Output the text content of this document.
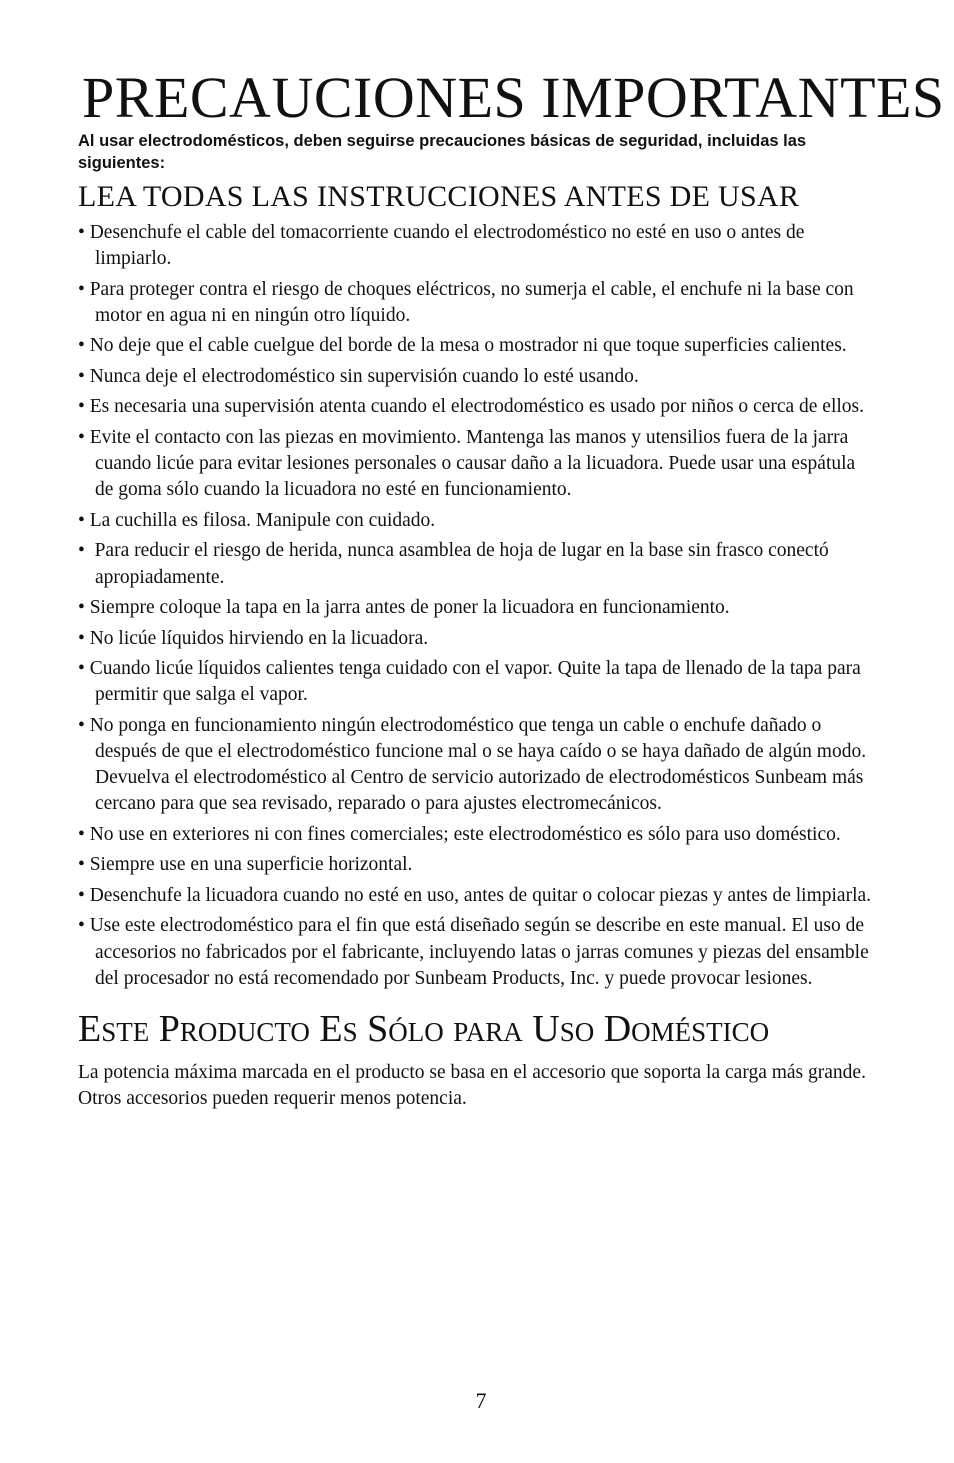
PRECAUCIONES IMPORTANTES

Al usar electrodomésticos, deben seguirse precauciones básicas de seguridad, incluidas las siguientes:

LEA TODAS LAS INSTRUCCIONES ANTES DE USAR
• Desenchufe el cable del tomacorriente cuando el electrodoméstico no esté en uso o antes de limpiarlo.
• Para proteger contra el riesgo de choques eléctricos, no sumerja el cable, el enchufe ni la base con motor en agua ni en ningún otro líquido.
• No deje que el cable cuelgue del borde de la mesa o mostrador ni que toque superficies calientes.
• Nunca deje el electrodoméstico sin supervisión cuando lo esté usando.
• Es necesaria una supervisión atenta cuando el electrodoméstico es usado por niños o cerca de ellos.
• Evite el contacto con las piezas en movimiento. Mantenga las manos y utensilios fuera de la jarra cuando licúe para evitar lesiones personales o causar daño a la licuadora. Puede usar una espátula de goma sólo cuando la licuadora no esté en funcionamiento.
• La cuchilla es filosa. Manipule con cuidado.
•  Para reducir el riesgo de herida, nunca asamblea de hoja de lugar en la base sin frasco conectó apropiadamente.
• Siempre coloque la tapa en la jarra antes de poner la licuadora en funcionamiento.
• No licúe líquidos hirviendo en la licuadora.
• Cuando licúe líquidos calientes tenga cuidado con el vapor. Quite la tapa de llenado de la tapa para permitir que salga el vapor.
• No ponga en funcionamiento ningún electrodoméstico que tenga un cable o enchufe dañado o después de que el electrodoméstico funcione mal o se haya caído o se haya dañado de algún modo. Devuelva el electrodoméstico al Centro de servicio autorizado de electrodomésticos Sunbeam más cercano para que sea revisado, reparado o para ajustes electromecánicos.
• No use en exteriores ni con fines comerciales; este electrodoméstico es sólo para uso doméstico.
• Siempre use en una superficie horizontal.
• Desenchufe la licuadora cuando no esté en uso, antes de quitar o colocar piezas y antes de limpiarla.
• Use este electrodoméstico para el fin que está diseñado según se describe en este manual. El uso de accesorios no fabricados por el fabricante, incluyendo latas o jarras comunes y piezas del ensamble del procesador no está recomendado por Sunbeam Products, Inc. y puede provocar lesiones.
Este Producto Es Sólo para Uso Doméstico

La potencia máxima marcada en el producto se basa en el accesorio que soporta la carga más grande. Otros accesorios pueden requerir menos potencia.

7
